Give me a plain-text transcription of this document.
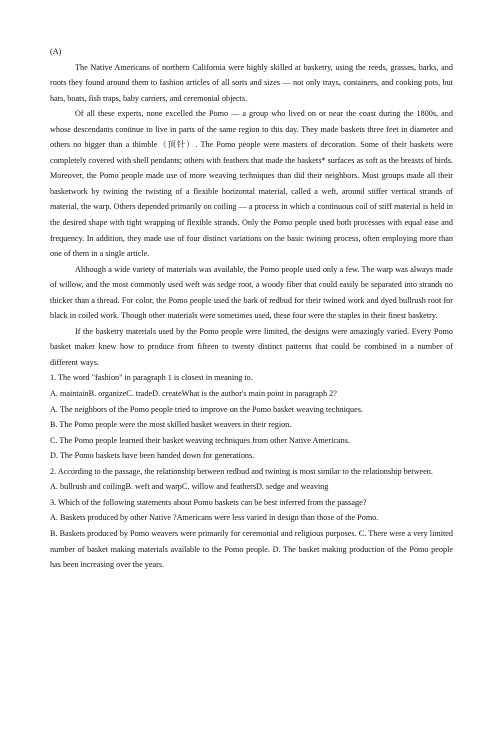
(A)

The Native Americans of northern California were highly skilled at basketry, using the reeds, grasses, barks, and roots they found around them to fashion articles of all sorts and sizes — not only trays, containers, and cooking pots, but hats, boats, fish traps, baby carriers, and ceremonial objects.

Of all these experts, none excelled the Pomo — a group who lived on or near the coast during the 1800s, and whose descendants continue to live in parts of the same region to this day. They made baskets three feet in diameter and others no bigger than a thimble（顶针）. The Pomo people were masters of decoration. Some of their baskets were completely covered with shell pendants; others with feathers that made the baskets* surfaces as soft as the breasts of birds. Moreover, the Pomo people made use of more weaving techniques than did their neighbors. Most groups made all their basketwork by twining the twisting of a flexible horizontal material, called a weft, around stiffer vertical strands of material, the warp. Others depended primarily on coiling — a process in which a continuous coil of stiff material is held in the desired shape with tight wrapping of flexible strands. Only the Pomo people used both processes with equal ease and frequency. In addition, they made use of four distinct variations on the basic twining process, often employing more than one of them in a single article.

Although a wide variety of materials was available, the Pomo people used only a few. The warp was always made of willow, and the most commonly used weft was sedge root, a woody fiber that could easily be separated into strands no thicker than a thread. For color, the Pomo people used the bark of redbud for their twined work and dyed bullrush root for black in coiled work. Though other materials were sometimes used, these four were the staples in their finest basketry.

If the basketry materials used by the Pomo people were limited, the designs were amazingly varied. Every Pomo basket maker knew how to produce from fifteen to twenty distinct patterns that could be combined in a number of different ways.

1. The word "fashion" in paragraph 1 is closest in meaning to.

A. maintainB. organizeC. tradeD. createWhat is the author's main point in paragraph 2?

A. The neighbors of the Pomo people tried to improve on the Pomo basket weaving techniques.

B. The Pomo people were the most skilled basket weavers in their region.

C. The Pomo people learned their basket weaving techniques from other Native Americans.

D. The Pomo baskets have been handed down for generations.

2. According to the passage, the relationship between redbud and twining is most similar to the relationship between.

A. bullrush and coilingB. weft and warpC. willow and feathersD. sedge and weaving

3. Which of the following statements about Pomo baskets can be best inferred from the passage?

A. Baskets produced by other Native ?Americans were less varied in design than those of the Pomo.

B. Baskets produced by Pomo weavers were primarily for ceremonial and religious purposes. C. There were a very limited number of basket making materials available to the Pomo people. D. The basket making production of the Pomo people has been increasing over the years.
